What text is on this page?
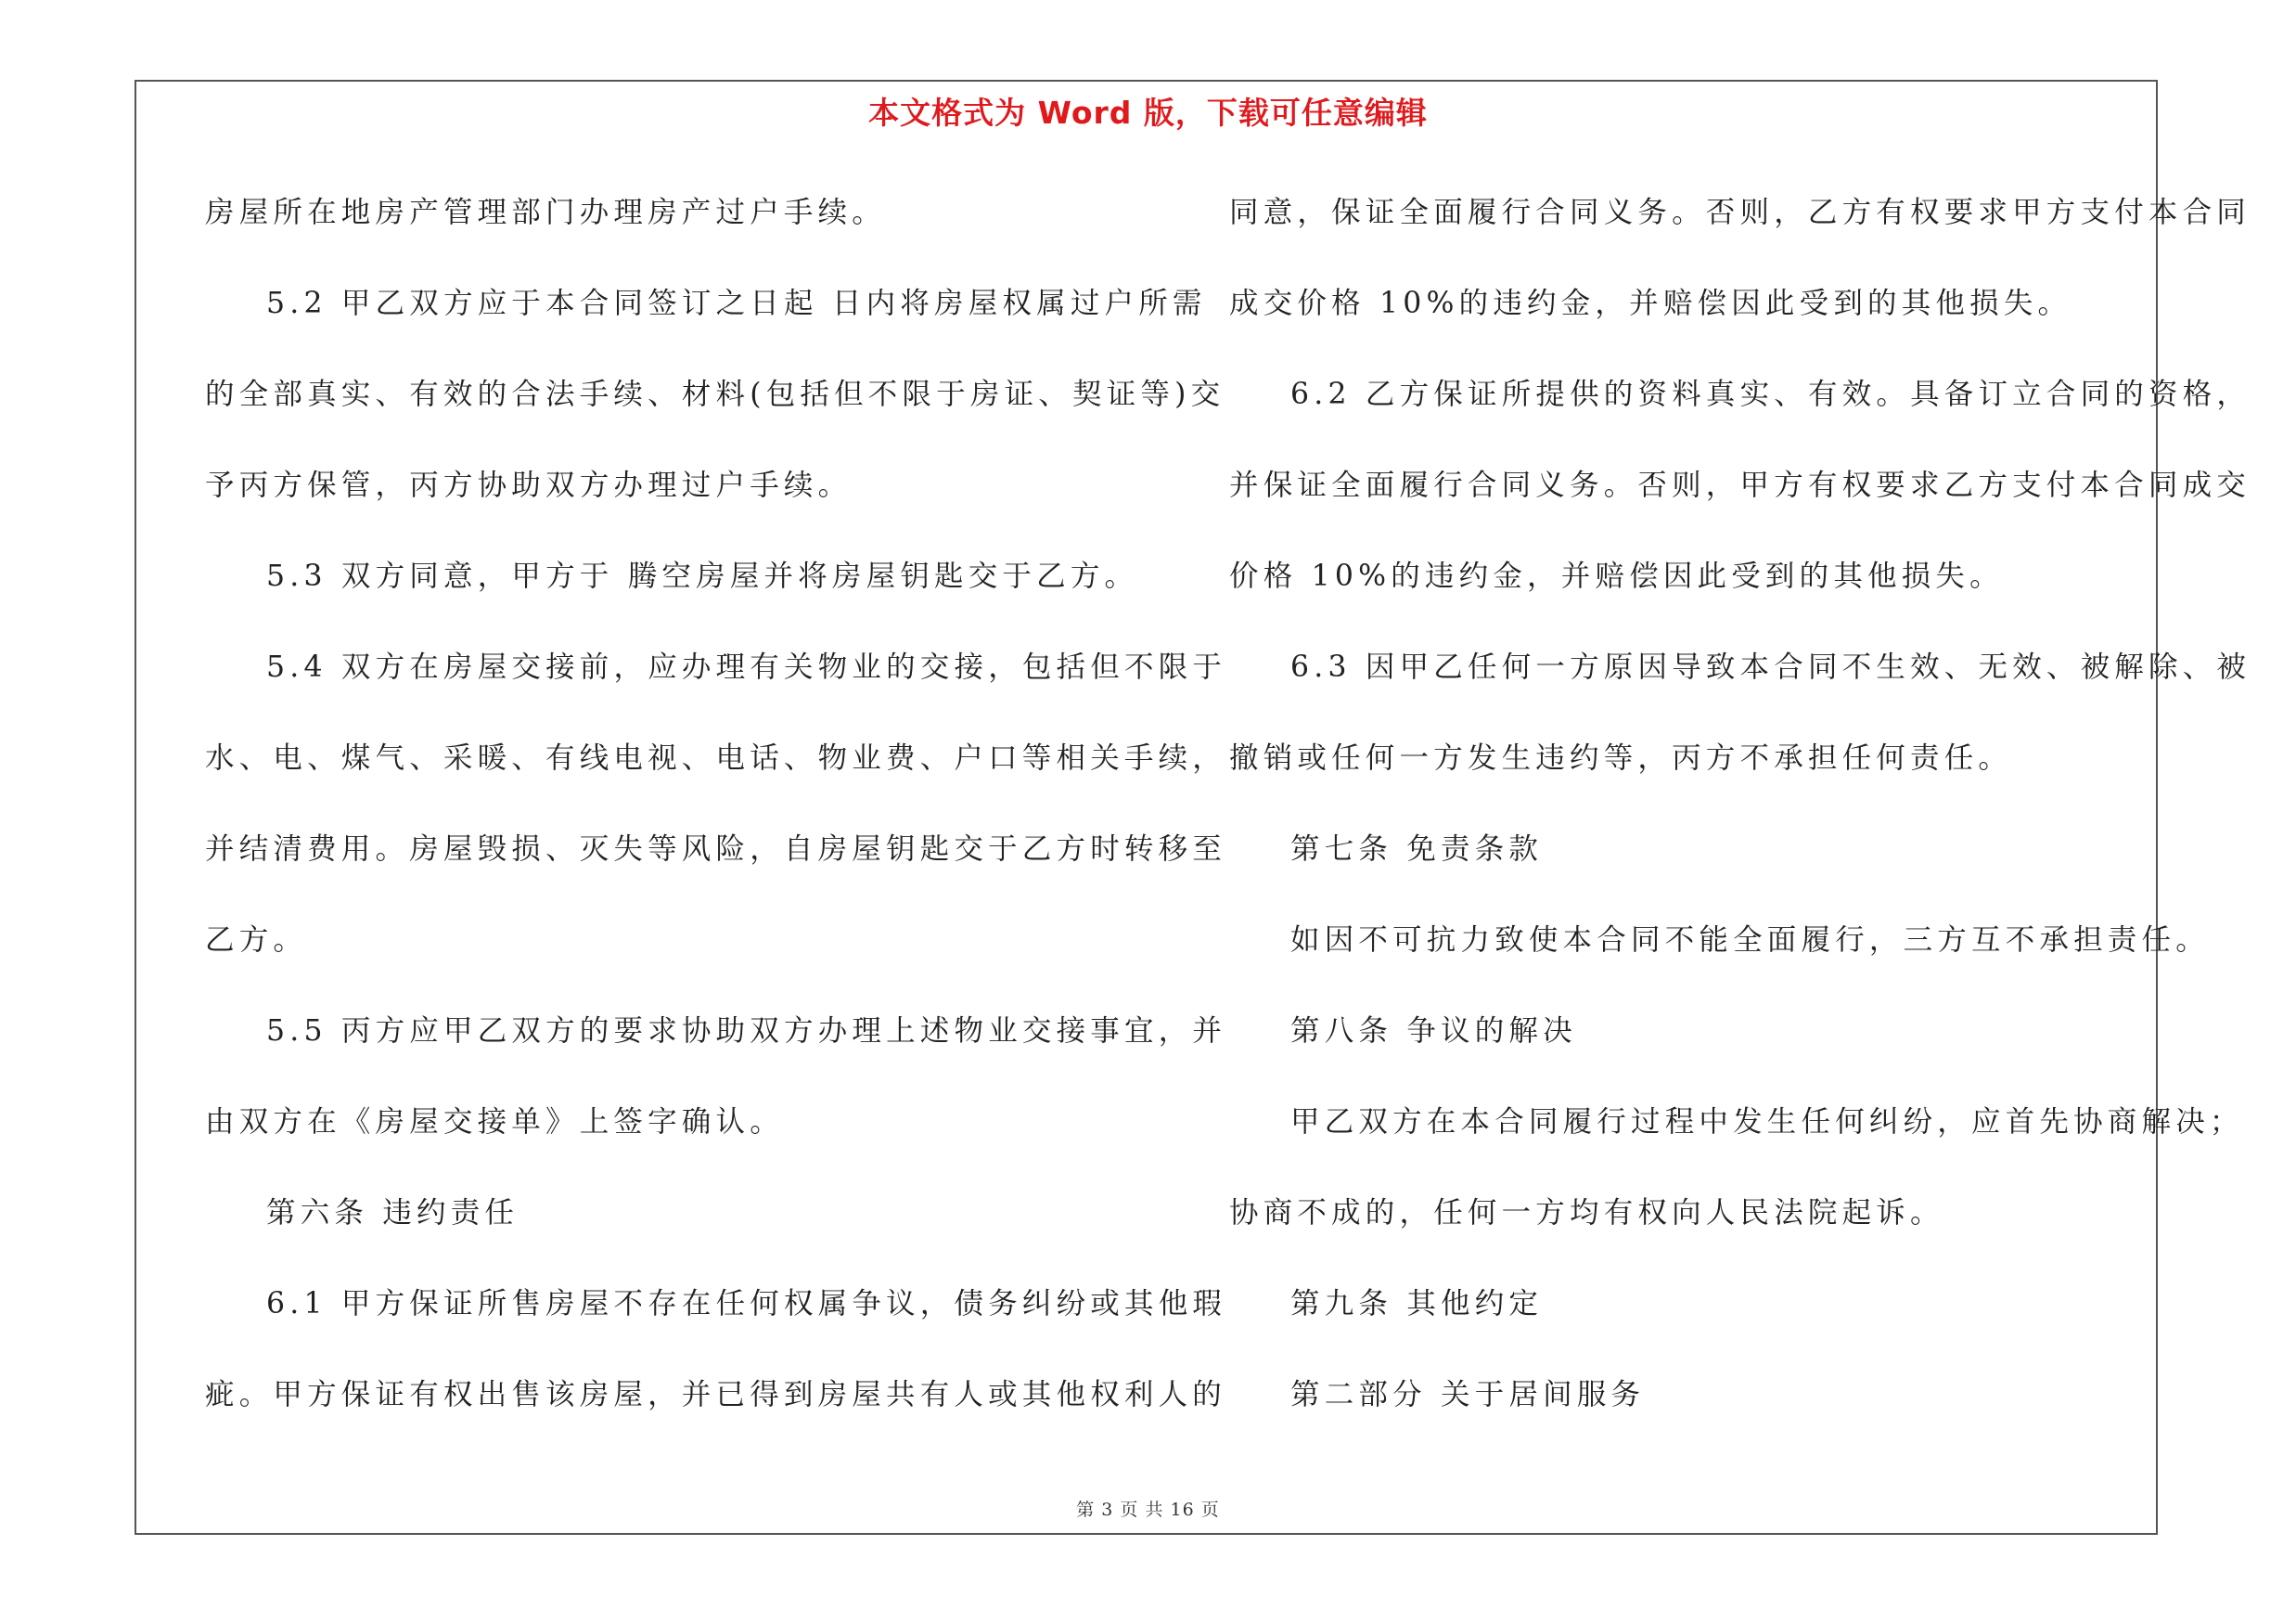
本文格式为 Word 版，下载可任意编辑
房屋所在地房产管理部门办理房产过户手续。
5.2 甲乙双方应于本合同签订之日起 日内将房屋权属过户所需
的全部真实、有效的合法手续、材料(包括但不限于房证、契证等)交
予丙方保管，丙方协助双方办理过户手续。
5.3 双方同意，甲方于 腾空房屋并将房屋钥匙交于乙方。
5.4 双方在房屋交接前，应办理有关物业的交接，包括但不限于
水、电、煤气、采暖、有线电视、电话、物业费、户口等相关手续，
并结清费用。房屋毁损、灭失等风险，自房屋钥匙交于乙方时转移至
乙方。
5.5 丙方应甲乙双方的要求协助双方办理上述物业交接事宜，并
由双方在《房屋交接单》上签字确认。
第六条 违约责任
6.1 甲方保证所售房屋不存在任何权属争议，债务纠纷或其他瑕
疵。甲方保证有权出售该房屋，并已得到房屋共有人或其他权利人的
同意，保证全面履行合同义务。否则，乙方有权要求甲方支付本合同
成交价格 10%的违约金，并赔偿因此受到的其他损失。
6.2 乙方保证所提供的资料真实、有效。具备订立合同的资格，
并保证全面履行合同义务。否则，甲方有权要求乙方支付本合同成交
价格 10%的违约金，并赔偿因此受到的其他损失。
6.3 因甲乙任何一方原因导致本合同不生效、无效、被解除、被
撤销或任何一方发生违约等，丙方不承担任何责任。
第七条 免责条款
如因不可抗力致使本合同不能全面履行，三方互不承担责任。
第八条 争议的解决
甲乙双方在本合同履行过程中发生任何纠纷，应首先协商解决；
协商不成的，任何一方均有权向人民法院起诉。
第九条 其他约定
第二部分 关于居间服务
第 3 页 共 16 页
